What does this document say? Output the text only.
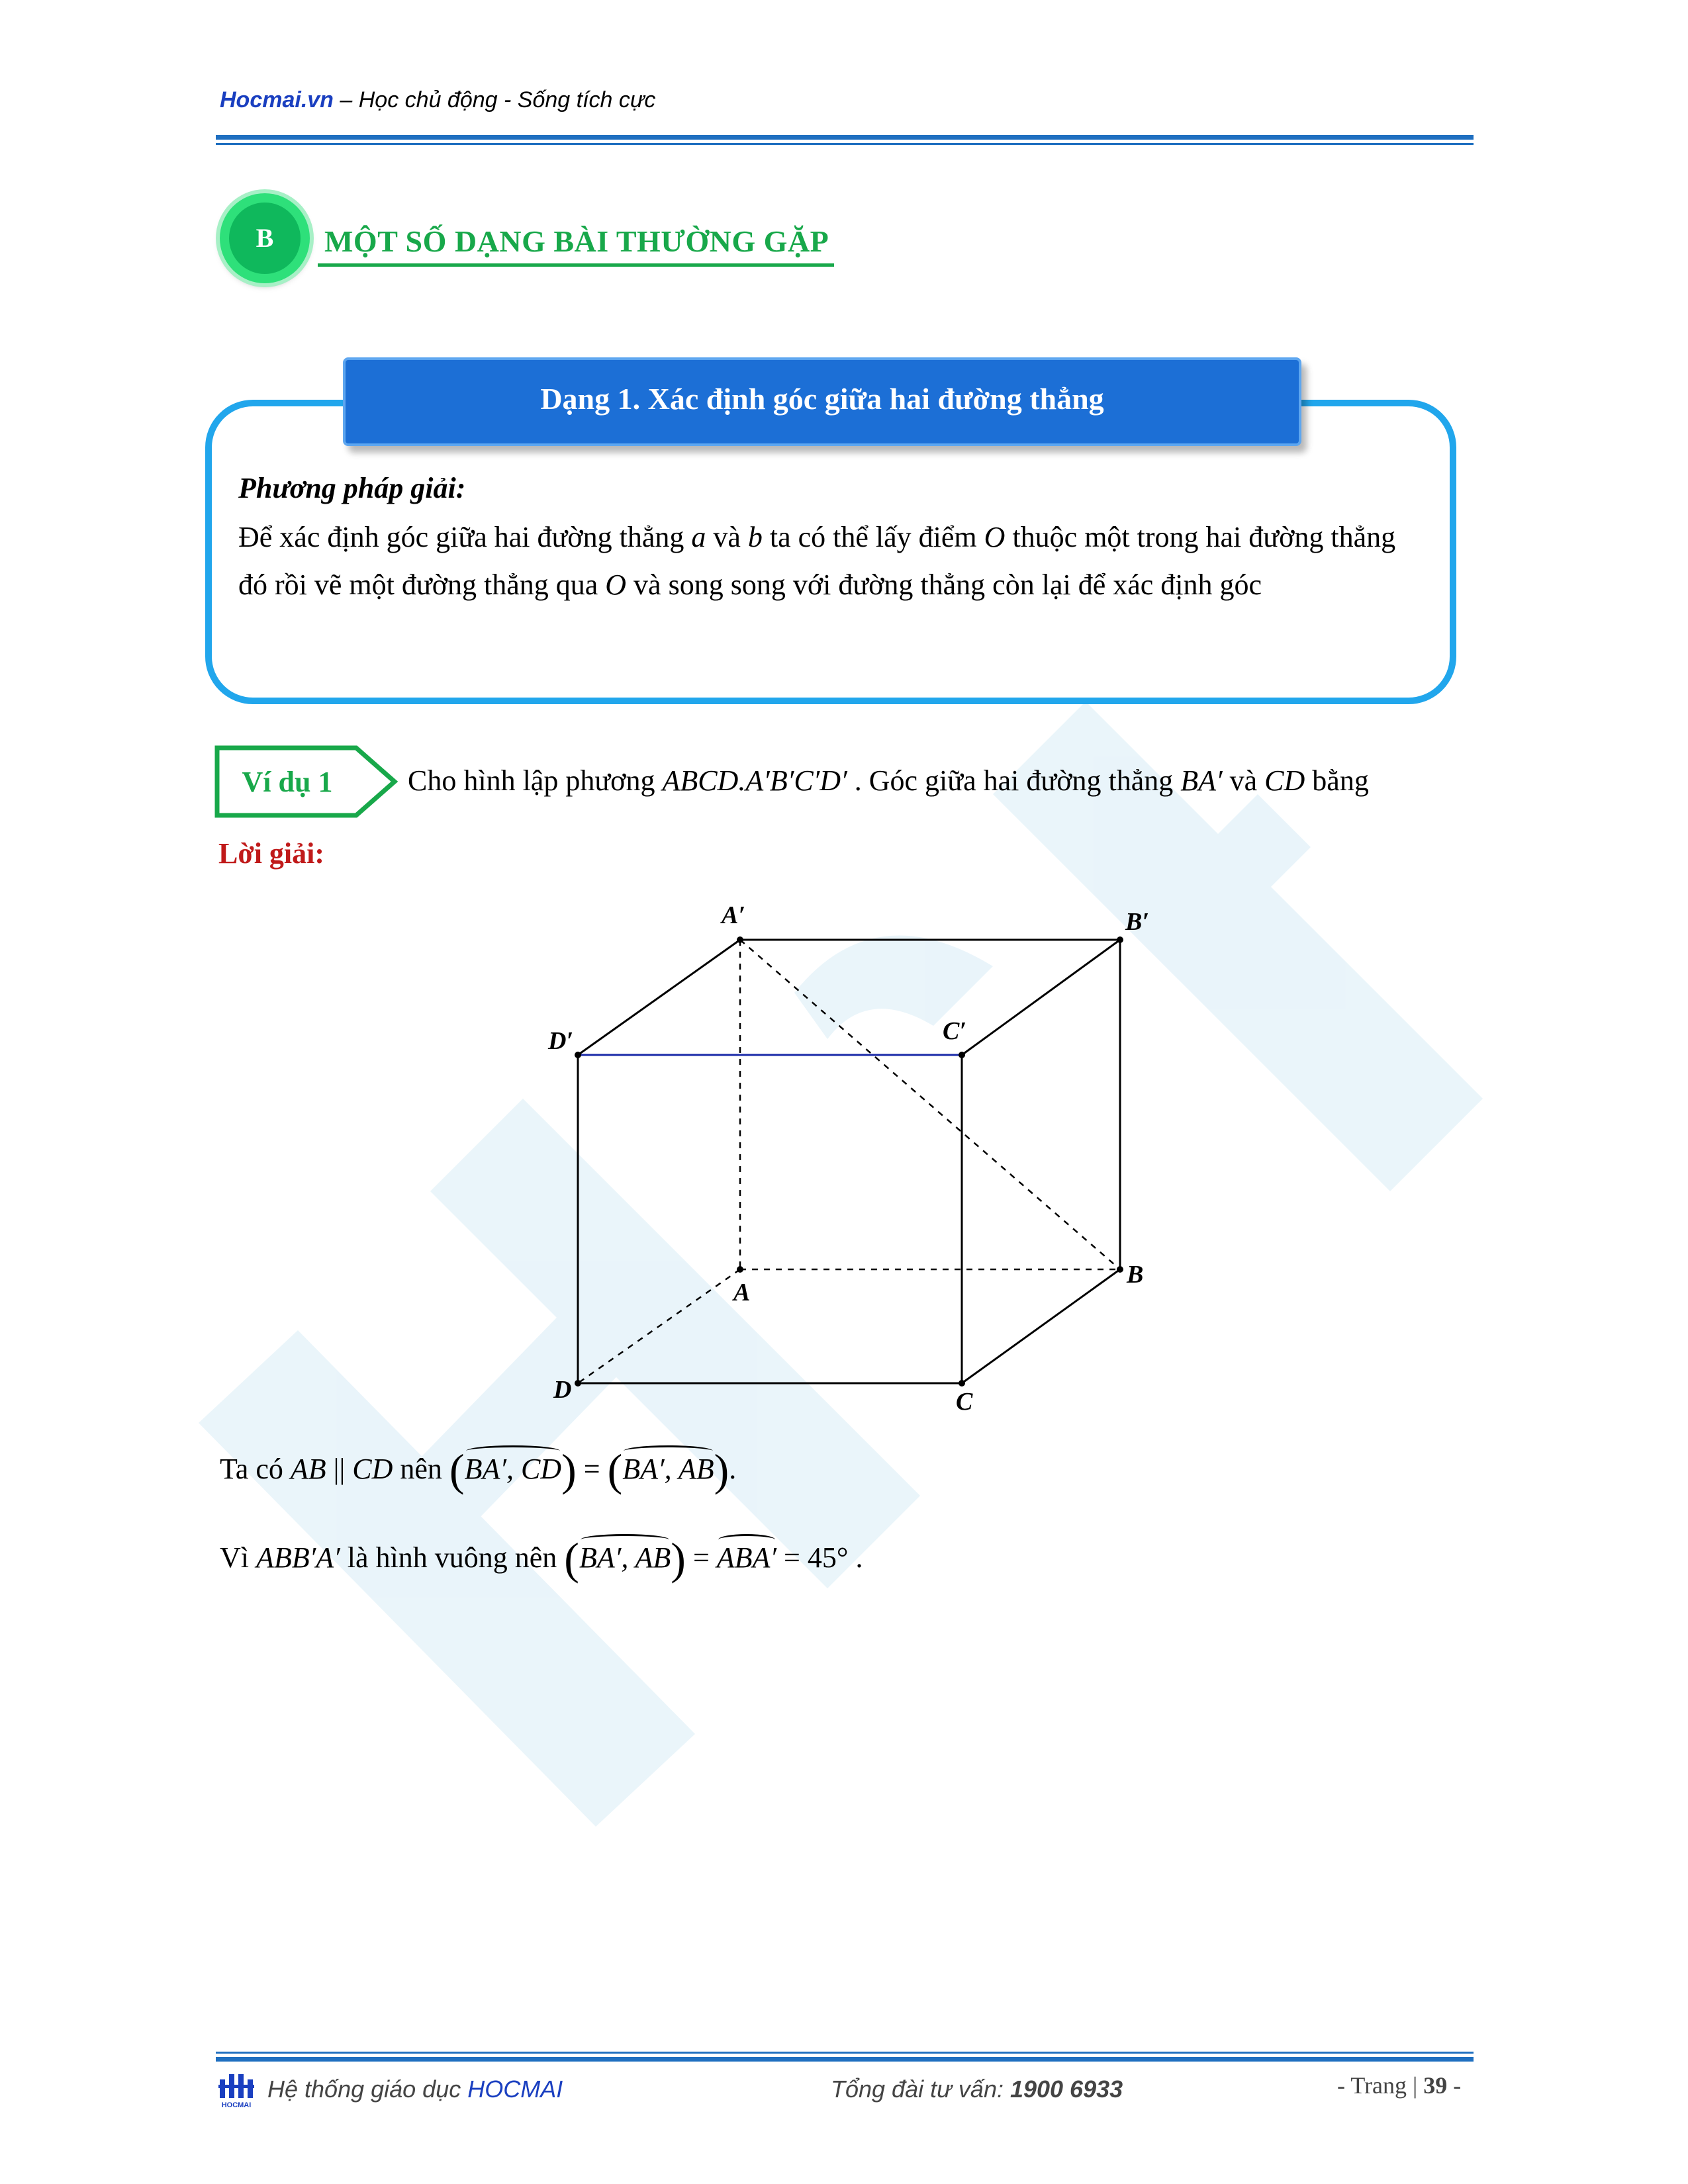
Hocmai.vn – Học chủ động - Sống tích cực
B	MỘT SỐ DẠNG BÀI THƯỜNG GẶP
Dạng 1. Xác định góc giữa hai đường thẳng
Phương pháp giải:
Để xác định góc giữa hai đường thẳng a và b ta có thể lấy điểm O thuộc một trong hai đường thẳng đó rồi vẽ một đường thẳng qua O và song song với đường thẳng còn lại để xác định góc
Ví dụ 1	Cho hình lập phương ABCD.A′B′C′D′ . Góc giữa hai đường thẳng BA′ và CD bằng
Lời giải:
A′	B′
D′	C′
A
B
D	C
Ta có AB || CD nên (BA′, CD) = (BA′, AB).
Vì ABB′A′ là hình vuông nên (BA′, AB) = ABA′ = 45° .
HOCMAI
Hệ thống giáo dục HOCMAI	Tổng đài tư vấn: 1900 6933	- Trang | 39 -
